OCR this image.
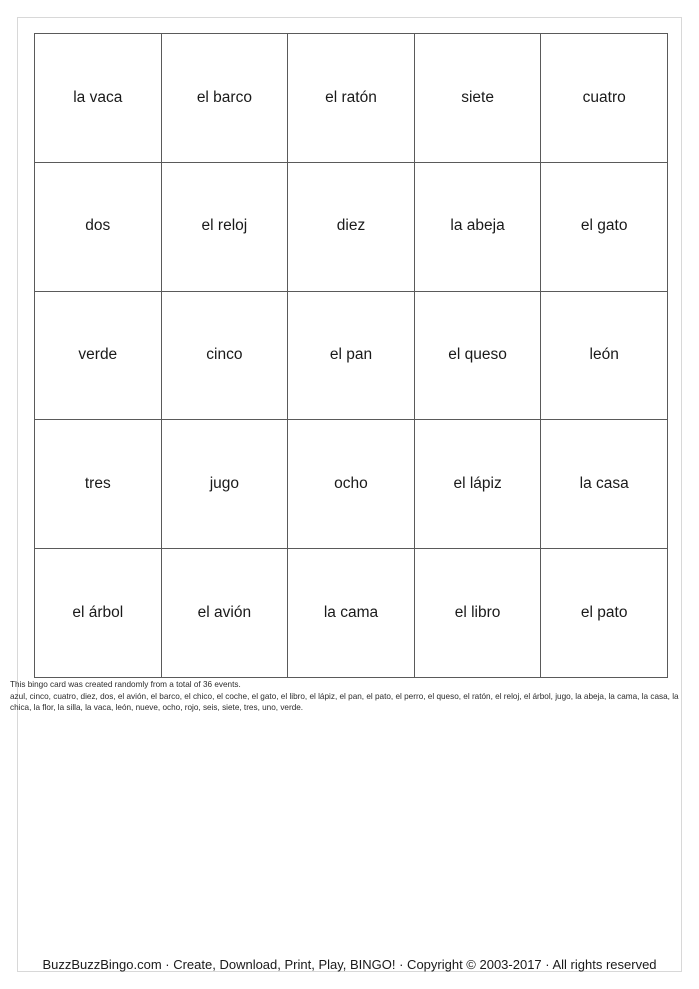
la vaca	el barco	el ratón	siete	cuatro
dos	el reloj	diez	la abeja	el gato
verde	cinco	el pan	el queso	león
tres	jugo	ocho	el lápiz	la casa
el árbol	el avión	la cama	el libro	el pato
This bingo card was created randomly from a total of 36 events.
azul, cinco, cuatro, diez, dos, el avión, el barco, el chico, el coche, el gato, el libro, el lápiz, el pan, el pato, el perro, el queso, el ratón, el reloj, el árbol, jugo, la abeja, la cama, la casa, la chica, la flor, la silla, la vaca, león, nueve, ocho, rojo, seis, siete, tres, uno, verde.
BuzzBuzzBingo.com · Create, Download, Print, Play, BINGO! · Copyright © 2003-2017 · All rights reserved
